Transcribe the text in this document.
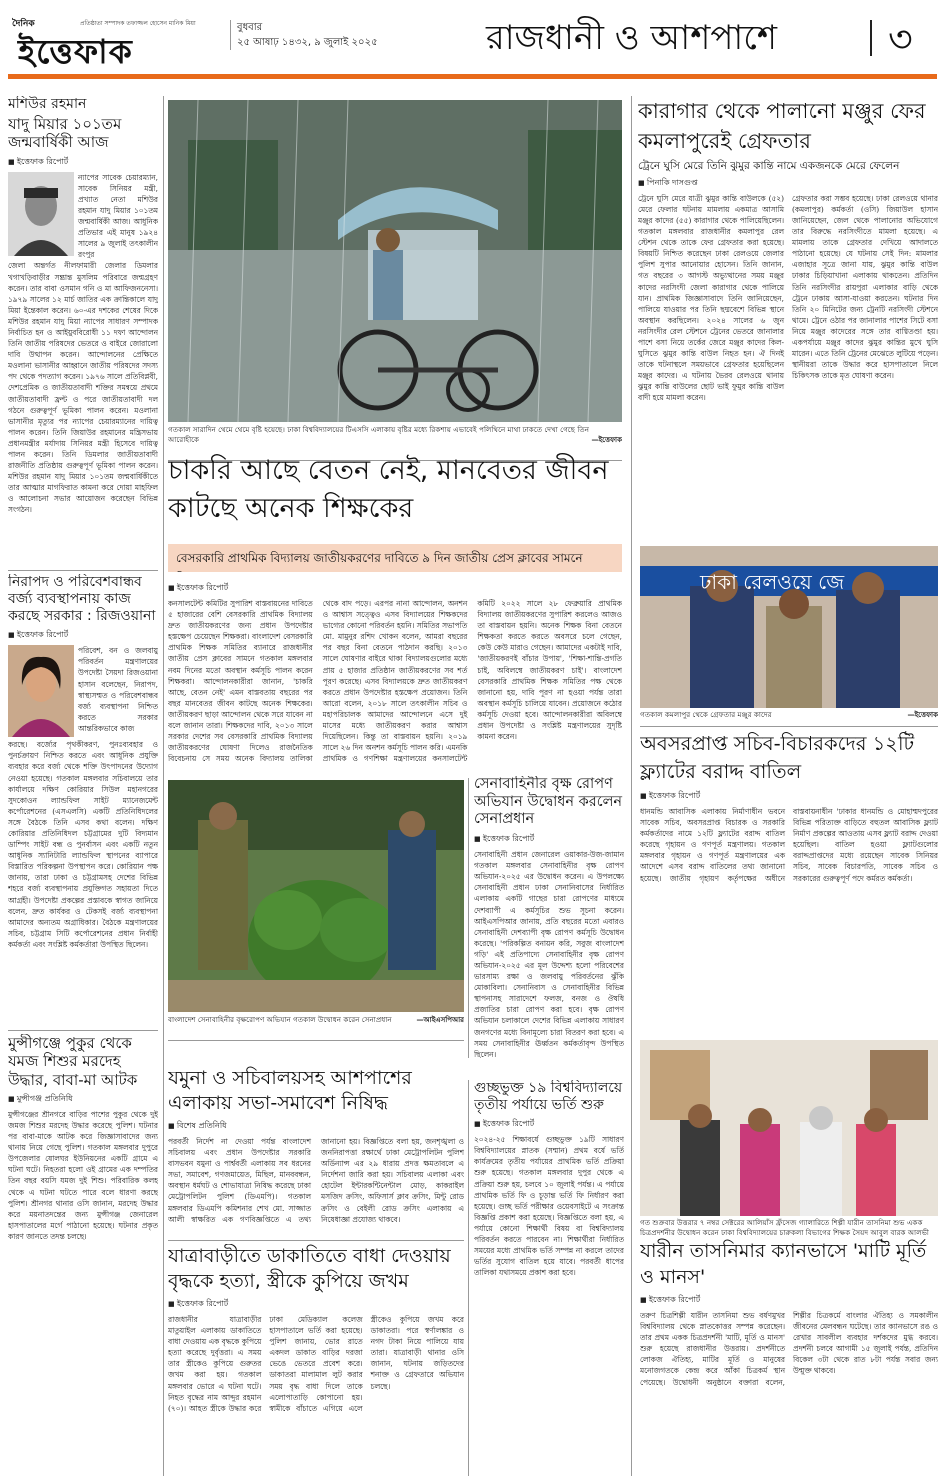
দৈনিক
ইত্তেফাক
প্রতিষ্ঠাতা সম্পাদক তফাজ্জল হোসেন মানিক মিয়া	বুধবার
২৫ আষাঢ় ১৪৩২, ৯ জুলাই ২০২৫	রাজধানী ও আশপাশে	৩
মশিউর রহমান
যাদু মিয়ার ১০১তম জন্মবার্ষিকী আজ
■ ইত্তেফাক রিপোর্ট
ন্যাপের সাবেক চেয়ারম্যান, সাবেক সিনিয়র মন্ত্রী, প্রখ্যাত নেতা মশিউর রহমান যাদু মিয়ার ১০১তম জন্মবার্ষিকী আজ। আধুনিক প্রতিভার এই মানুষ ১৯২৪ সালের ৯ জুলাই তৎকালীন রংপুর
জেলা অন্তর্গত নীলফামারী জেলার ডিমলার খগাখড়িবাড়ীর সম্ভ্রান্ত মুসলিম পরিবারে জন্মগ্রহণ করেন। তার বাবা ওসমান গনি ও মা আফিজননেসা। ১৯৭৯ সালের ১২ মার্চ জাতির এক ক্রান্তিকালে যাদু মিয়া ইন্তেকাল করেন। ৬০-এর দশকের শেষের দিকে মশিউর রহমান যাদু মিয়া ন্যাপের সাধারণ সম্পাদক নির্বাচিত হন ও আইয়ুববিরোধী ১১ দফা আন্দোলন তিনি জাতীয় পরিষদের ভেতরে ও বাইরে জোরালো দাবি উত্থাপন করেন। আন্দোলনের প্রেক্ষিতে মওলানা ভাসানীর আহ্বানে জাতীয় পরিষদের সদস্য পদ থেকে পদত্যাগ করেন। ১৯৭৬ সালে প্রতিবিপ্লবী, দেশপ্রেমিক ও জাতীয়তাবাদী শক্তির সমন্বয়ে প্রথমে জাতীয়তাবাদী ফ্রন্ট ও পরে জাতীয়তাবাদী দল গঠনে গুরুত্বপূর্ণ ভূমিকা পালন করেন। মওলানা ভাসানীর মৃত্যুর পর ন্যাপের চেয়ারম্যানের দায়িত্ব পালন করেন। তিনি জিয়াউর রহমানের মন্ত্রিসভায় প্রধানমন্ত্রীর মর্যাদায় সিনিয়র মন্ত্রী হিসেবে দায়িত্ব পালন করেন। তিনি ডিমলার জাতীয়তাবাদী রাজনীতি প্রতিষ্ঠায় গুরুত্বপূর্ণ ভূমিকা পালন করেন। মশিউর রহমান যাদু মিয়ার ১০১তম জন্মবার্ষিকীতে তার আত্মার মাগফিরাত কামনা করে দোয়া মাহফিল ও আলোচনা সভার আয়োজন করেছেন বিভিন্ন সংগঠন।
নিরাপদ ও পরিবেশবান্ধব বর্জ্য ব্যবস্থাপনায় কাজ করছে সরকার : রিজওয়ানা
■ ইত্তেফাক রিপোর্ট
পরিবেশ, বন ও জলবায়ু পরিবর্তন মন্ত্রণালয়ের উপদেষ্টা সৈয়দা রিজওয়ানা হাসান বলেছেন, নিরাপদ, স্বাস্থ্যসম্মত ও পরিবেশবান্ধব বর্জ্য ব্যবস্থাপনা নিশ্চিত করতে সরকার আন্তরিকভাবে কাজ
করছে। বর্জ্যের পৃথকীকরণ, পুনঃব্যবহার ও পুনর্চক্রায়ণ নিশ্চিত করতে এবং আধুনিক প্রযুক্তি ব্যবহার করে বর্জ্য থেকে শক্তি উৎপাদনের উদ্যোগ নেওয়া হয়েছে। গতকাল মঙ্গলবার সচিবালয়ে তার কার্যালয়ে দক্ষিণ কোরিয়ার সিউল মহানগরের সুদকোওন ল্যান্ডফিল সাইট ম্যানেজমেন্ট কর্পোরেশনের (এসএলসি) একটি প্রতিনিধিদলের সঙ্গে বৈঠকে তিনি এসব কথা বলেন। দক্ষিণ কোরিয়ার প্রতিনিধিদল চট্টগ্রামের দুটি বিদ্যমান ডাম্পিং সাইট বন্ধ ও পুনর্বাসন এবং একটি নতুন আধুনিক স্যানিটারি ল্যান্ডফিল স্থাপনের ব্যাপারে বিস্তারিত পরিকল্পনা উপস্থাপন করে। কোরিয়ান পক্ষ জানায়, তারা ঢাকা ও চট্টগ্রামসহ দেশের বিভিন্ন শহরে বর্জ্য ব্যবস্থাপনায় প্রযুক্তিগত সহায়তা দিতে আগ্রহী। উপদেষ্টা প্রকল্পের প্রস্তাবকে স্বাগত জানিয়ে বলেন, দ্রুত কার্যকর ও টেকসই বর্জ্য ব্যবস্থাপনা আমাদের অন্যতম অগ্রাধিকার। বৈঠকে মন্ত্রণালয়ের সচিব, চট্টগ্রাম সিটি কর্পোরেশনের প্রধান নির্বাহী কর্মকর্তা এবং সংশ্লিষ্ট কর্মকর্তারা উপস্থিত ছিলেন।
মুন্সীগঞ্জে পুকুর থেকে যমজ শিশুর মরদেহ উদ্ধার, বাবা-মা আটক
■ মুন্সীগঞ্জ প্রতিনিধি
মুন্সীগঞ্জের শ্রীনগরে বাড়ির পাশের পুকুর থেকে দুই জমজ শিশুর মরদেহ উদ্ধার করেছে পুলিশ। ঘটনার পর বাবা-মাকে আটক করে জিজ্ঞাসাবাদের জন্য থানায় নিয়ে গেছে পুলিশ। গতকাল মঙ্গলবার দুপুরে উপজেলার ষোলঘর ইউনিয়নের একটি গ্রামে এ ঘটনা ঘটে। নিহতরা হলো ওই গ্রামের এক দম্পতির তিন বছর বয়সি যমজ দুই শিশু। পরিবারিক কলহ থেকে এ ঘটনা ঘটতে পারে বলে ধারণা করছে পুলিশ। শ্রীনগর থানার ওসি জানান, মরদেহ উদ্ধার করে ময়নাতদন্তের জন্য মুন্সীগঞ্জ জেনারেল হাসপাতালের মর্গে পাঠানো হয়েছে। ঘটনার প্রকৃত কারণ জানতে তদন্ত চলছে।
গতকাল সারাদিন থেমে থেমে বৃষ্টি হয়েছে। ঢাকা বিশ্ববিদ্যালয়ের টিএসসি এলাকায় বৃষ্টির মধ্যে রিকশায় এভাবেই পলিথিনে মাথা ঢাকতে দেখা গেছে তিন আরোহীকে	—ইত্তেফাক
চাকরি আছে বেতন নেই, মানবেতর জীবন কাটছে অনেক শিক্ষকের
বেসরকারি প্রাথমিক বিদ্যালয় জাতীয়করণের দাবিতে ৯ দিন জাতীয় প্রেস ক্লাবের সামনে
■ ইত্তেফাক রিপোর্ট
কনসালটেন্ট কমিটির সুপারিশ বাস্তবায়নের দাবিতে ৫ হাজারের বেশি বেসরকারি প্রাথমিক বিদ্যালয় দ্রুত জাতীয়করণের জন্য প্রধান উপদেষ্টার হস্তক্ষেপ চেয়েছেন শিক্ষকরা। বাংলাদেশ বেসরকারি প্রাথমিক শিক্ষক সমিতির ব্যানারে রাজধানীর জাতীয় প্রেস ক্লাবের সামনে গতকাল মঙ্গলবার নবম দিনের মতো অবস্থান কর্মসূচি পালন করেন শিক্ষকরা। আন্দোলনকারীরা জানান, 'চাকরি আছে, বেতন নেই' এমন বাস্তবতায় বছরের পর বছর মানবেতর জীবন কাটছে অনেক শিক্ষকের। জাতীয়করণ ছাড়া আন্দোলন থেকে সরে যাবেন না বলে জানান তারা। শিক্ষকদের দাবি, ২০১৩ সালে সরকার দেশের সব বেসরকারি প্রাথমিক বিদ্যালয় জাতীয়করণের ঘোষণা দিলেও রাজনৈতিক বিবেচনায় সে সময় অনেক বিদ্যালয় তালিকা থেকে বাদ পড়ে। এরপর নানা আন্দোলন, অনশন ও আশ্বাস সত্ত্বেও এসব বিদ্যালয়ের শিক্ষকদের ভাগ্যের কোনো পরিবর্তন হয়নি। সমিতির সভাপতি মো. মামুনুর রশিদ খোকন বলেন, আমরা বছরের পর বছর বিনা বেতনে পাঠদান করছি। ২০১৩ সালে ঘোষণার বাইরে থাকা বিদ্যালয়গুলোর মধ্যে প্রায় ৫ হাজার প্রতিষ্ঠান জাতীয়করণের সব শর্ত পূরণ করেছে। এসব বিদ্যালয়কে দ্রুত জাতীয়করণ করতে প্রধান উপদেষ্টার হস্তক্ষেপ প্রয়োজন। তিনি আরো বলেন, ২০১৮ সালে তৎকালীন সচিব ও মহাপরিচালক আমাদের আন্দোলনে এসে দুই মাসের মধ্যে জাতীয়করণ করার আশ্বাস দিয়েছিলেন। কিন্তু তা বাস্তবায়ন হয়নি। ২০১৯ সালে ২৬ দিন অনশন কর্মসূচি পালন করি। এমনকি প্রাথমিক ও গণশিক্ষা মন্ত্রণালয়ের কনসালটেন্ট কমিটি ২০২২ সালে ২৮ ফেব্রুয়ারি প্রাথমিক বিদ্যালয় জাতীয়করণের সুপারিশ করলেও আজও তা বাস্তবায়ন হয়নি। অনেক শিক্ষক বিনা বেতনে শিক্ষকতা করতে করতে অবসরে চলে গেছেন, কেউ কেউ মারাও গেছেন। আমাদের একটাই দাবি, 'জাতীয়করণই বাঁচার উপায়', 'শিক্ষা-শান্তি-প্রগতি চাই, অবিলম্বে জাতীয়করণ চাই'। বাংলাদেশ বেসরকারি প্রাথমিক শিক্ষক সমিতির পক্ষ থেকে জানানো হয়, দাবি পূরণ না হওয়া পর্যন্ত তারা অবস্থান কর্মসূচি চালিয়ে যাবেন। প্রয়োজনে কঠোর কর্মসূচি দেওয়া হবে। আন্দোলনকারীরা অবিলম্বে প্রধান উপদেষ্টা ও সংশ্লিষ্ট মন্ত্রণালয়ের সুদৃষ্টি কামনা করেন।
বাংলাদেশ সেনাবাহিনীর বৃক্ষরোপণ অভিযান গতকাল উদ্বোধন করেন সেনাপ্রধান	—আইএসপিআর
সেনাবাহিনীর বৃক্ষ রোপণ অভিযান উদ্বোধন করলেন সেনাপ্রধান
■ ইত্তেফাক রিপোর্ট
সেনাবাহিনী প্রধান জেনারেল ওয়াকার-উজ-জামান গতকাল মঙ্গলবার সেনাবাহিনীর বৃক্ষ রোপণ অভিযান-২০২৫ এর উদ্বোধন করেন। এ উপলক্ষ্যে সেনাবাহিনী প্রধান ঢাকা সেনানিবাসের নির্ধারিত এলাকায় একটি গাছের চারা রোপণের মাধ্যমে দেশব্যাপী এ কর্মসূচির শুভ সূচনা করেন। আইএসপিআর জানায়, প্রতি বছরের মতো এবারও সেনাবাহিনী দেশব্যাপী বৃক্ষ রোপণ কর্মসূচি উদ্বোধন করেছে। 'পরিকল্পিত বনায়ন করি, সবুজ বাংলাদেশ গড়ি' এই প্রতিপাদ্যে সেনাবাহিনীর বৃক্ষ রোপণ অভিযান-২০২৫ এর মূল উদ্দেশ্য হলো পরিবেশের ভারসাম্য রক্ষা ও জলবায়ু পরিবর্তনের ঝুঁকি মোকাবিলা। সেনানিবাস ও সেনাবাহিনীর বিভিন্ন স্থাপনাসহ সারাদেশে ফলজ, বনজ ও ঔষধি প্রজাতির চারা রোপণ করা হবে। বৃক্ষ রোপণ অভিযান চলাকালে দেশের বিভিন্ন এলাকায় সাধারণ জনগণের মধ্যে বিনামূল্যে চারা বিতরণ করা হবে। এ সময় সেনাবাহিনীর ঊর্ধ্বতন কর্মকর্তাবৃন্দ উপস্থিত ছিলেন।
যমুনা ও সচিবালয়সহ আশপাশের এলাকায় সভা-সমাবেশ নিষিদ্ধ
■ বিশেষ প্রতিনিধি
পরবর্তী নির্দেশ না দেওয়া পর্যন্ত বাংলাদেশ সচিবালয় এবং প্রধান উপদেষ্টার সরকারি বাসভবন যমুনা ও পার্শ্ববর্তী এলাকায় সব ধরনের সভা, সমাবেশ, গণজমায়েত, মিছিল, মানববন্ধন, অবস্থান ধর্মঘট ও শোভাযাত্রা নিষিদ্ধ করেছে ঢাকা মেট্রোপলিটন পুলিশ (ডিএমপি)। গতকাল মঙ্গলবার ডিএমপি কমিশনার শেখ মো. সাজ্জাত আলী স্বাক্ষরিত এক গণবিজ্ঞপ্তিতে এ তথ্য জানানো হয়। বিজ্ঞপ্তিতে বলা হয়, জনশৃঙ্খলা ও জননিরাপত্তা রক্ষার্থে ঢাকা মেট্রোপলিটন পুলিশ অর্ডিন্যান্স এর ২৯ ধারায় প্রদত্ত ক্ষমতাবলে এ নির্দেশনা জারি করা হয়। সচিবালয় এলাকা এবং হোটেল ইন্টারকন্টিনেন্টাল মোড়, কাকরাইল মসজিদ ক্রসিং, অফিসার্স ক্লাব ক্রসিং, মিন্টু রোড ক্রসিং ও বেইলী রোড ক্রসিং এলাকায় এ নিষেধাজ্ঞা প্রযোজ্য থাকবে।
গুচ্ছভুক্ত ১৯ বিশ্ববিদ্যালয়ে তৃতীয় পর্যায়ে ভর্তি শুরু
■ ইত্তেফাক রিপোর্ট
২০২৪-২৫ শিক্ষাবর্ষে গুচ্ছভুক্ত ১৯টি সাধারণ বিশ্ববিদ্যালয়ের স্নাতক (সম্মান) প্রথম বর্ষে ভর্তি কার্যক্রমের তৃতীয় পর্যায়ের প্রাথমিক ভর্তি প্রক্রিয়া শুরু হয়েছে। গতকাল মঙ্গলবার দুপুর থেকে এ প্রক্রিয়া শুরু হয়, চলবে ১০ জুলাই পর্যন্ত। এ পর্যায়ে প্রাথমিক ভর্তি ফি ও চূড়ান্ত ভর্তি ফি নির্ধারণ করা হয়েছে। গুচ্ছ ভর্তি পরীক্ষার ওয়েবসাইটে এ সংক্রান্ত বিজ্ঞপ্তি প্রকাশ করা হয়েছে। বিজ্ঞপ্তিতে বলা হয়, এ পর্যায়ে কোনো শিক্ষার্থী বিষয় বা বিশ্ববিদ্যালয় পরিবর্তন করতে পারবেন না। শিক্ষার্থীরা নির্ধারিত সময়ের মধ্যে প্রাথমিক ভর্তি সম্পন্ন না করলে তাদের ভর্তির সুযোগ বাতিল হয়ে যাবে। পরবর্তী ধাপের তালিকা যথাসময়ে প্রকাশ করা হবে।
যাত্রাবাড়ীতে ডাকাতিতে বাধা দেওয়ায় বৃদ্ধকে হত্যা, স্ত্রীকে কুপিয়ে জখম
■ ইত্তেফাক রিপোর্ট
রাজধানীর যাত্রাবাড়ীর মাতুয়াইল এলাকায় ডাকাতিতে বাধা দেওয়ায় এক বৃদ্ধকে কুপিয়ে হত্যা করেছে দুর্বৃত্তরা। এ সময় তার স্ত্রীকেও কুপিয়ে গুরুতর জখম করা হয়। গতকাল মঙ্গলবার ভোরে এ ঘটনা ঘটে। নিহত বৃদ্ধের নাম আব্দুর রহমান (৭০)। আহত স্ত্রীকে উদ্ধার করে ঢাকা মেডিক্যাল কলেজ হাসপাতালে ভর্তি করা হয়েছে। পুলিশ জানায়, ভোর রাতে একদল ডাকাত বাড়ির দরজা ভেঙে ভেতরে প্রবেশ করে। ডাকাতরা মালামাল লুট করার সময় বৃদ্ধ বাধা দিলে তাকে এলোপাতাড়ি কোপানো হয়। স্বামীকে বাঁচাতে এগিয়ে এলে স্ত্রীকেও কুপিয়ে জখম করে ডাকাতরা। পরে স্বর্ণালঙ্কার ও নগদ টাকা নিয়ে পালিয়ে যায় তারা। যাত্রাবাড়ী থানার ওসি জানান, ঘটনায় জড়িতদের শনাক্ত ও গ্রেফতারে অভিযান চলছে।
কারাগার থেকে পালানো মঞ্জুর ফের কমলাপুরেই গ্রেফতার
ট্রেনে ঘুসি মেরে তিনি ঝুমুর কান্তি নামে একজনকে মেরে ফেলেন
■ পিনাকি দাসগুপ্ত
ট্রেনে ঘুসি মেরে যাত্রী ঝুমুর কান্তি বাউলকে (৫২) মেরে ফেলার ঘটনায় মামলায় একমাত্র আসামি মঞ্জুর কাদের (৫৫) কারাগার থেকে পালিয়েছিলেন। গতকাল মঙ্গলবার রাজধানীর কমলাপুর রেল স্টেশন থেকে তাকে ফের গ্রেফতার করা হয়েছে। বিষয়টি নিশ্চিত করেছেন ঢাকা রেলওয়ে জেলার পুলিশ সুপার আনোয়ার হোসেন। তিনি জানান, গত বছরের ৩ আগস্ট অভ্যুত্থানের সময় মঞ্জুর কাদের নরসিংদী জেলা কারাগার থেকে পালিয়ে যান। প্রাথমিক জিজ্ঞাসাবাদে তিনি জানিয়েছেন, পালিয়ে যাওয়ার পর তিনি ছদ্মবেশে বিভিন্ন স্থানে অবস্থান করছিলেন। ২০২৪ সালের ৬ জুন নরসিংদীর রেল স্টেশনে ট্রেনের ভেতরে জানালার পাশে বসা নিয়ে তর্কের জেরে মঞ্জুর কাদের কিল-ঘুসিতে ঝুমুর কান্তি বাউল নিহত হন। ঐ দিনই তাকে ঘটনাস্থলে সময়ভাবে গ্রেফতার হয়েছিলেন মঞ্জুর কাদের। এ ঘটনায় ভৈরব রেলওয়ে থানায় ঝুমুর কান্তি বাউলের ছোট ভাই ফুমুর কান্তি বাউল বাদী হয়ে মামলা করেন।
গ্রেফতার করা সম্ভব হয়েছে। ঢাকা রেলওয়ে থানার (কমলাপুর) কর্মকর্তা (ওসি) জিয়াউল হাসান জানিয়েছেন, জেল থেকে পালানোর অভিযোগে তার বিরুদ্ধে নরসিংদীতে মামলা হয়েছে। এ মামলায় তাকে গ্রেফতার দেখিয়ে আদালতে পাঠানো হয়েছে। যে ঘটনায় সেই দিন: মামলার এজাহার সূত্রে জানা যায়, ঝুমুর কান্তি বাউল ঢাকার চিড়িয়াখানা এলাকায় থাকতেন। প্রতিদিন তিনি নরসিংদীর রায়পুরা এলাকার বাড়ি থেকে ট্রেনে ঢাকায় আসা-যাওয়া করতেন। ঘটনার দিন তিনি ২০ মিনিটের জন্য ট্রেনটি নরসিংদী স্টেশনে থামে। ট্রেনে ওঠার পর জানালার পাশের সিটে বসা নিয়ে মঞ্জুর কাদেরের সঙ্গে তার বাগ্বিতণ্ডা হয়। একপর্যায়ে মঞ্জুর কাদের ঝুমুর কান্তির মুখে ঘুসি মারেন। এতে তিনি ট্রেনের মেঝেতে লুটিয়ে পড়েন। স্থানীয়রা তাকে উদ্ধার করে হাসপাতালে নিলে চিকিৎসক তাকে মৃত ঘোষণা করেন।
ঢাকা রেলওয়ে জে
গতকাল কমলাপুর থেকে গ্রেফতার মঞ্জুর কাদের	—ইত্তেফাক
অবসরপ্রাপ্ত সচিব-বিচারকদের ১২টি ফ্ল্যাটের বরাদ্দ বাতিল
■ ইত্তেফাক রিপোর্ট
ধানমন্ডি আবাসিক এলাকায় নির্মাণাধীন ভবনে সাবেক সচিব, অবসরপ্রাপ্ত বিচারক ও সরকারি কর্মকর্তাদের নামে ১২টি ফ্ল্যাটের বরাদ্দ বাতিল করেছে গৃহায়ন ও গণপূর্ত মন্ত্রণালয়। গতকাল মঙ্গলবার গৃহায়ন ও গণপূর্ত মন্ত্রণালয়ের এক আদেশে এসব বরাদ্দ বাতিলের তথ্য জানানো হয়েছে। জাতীয় গৃহায়ণ কর্তৃপক্ষের অধীনে বাস্তবায়নাধীন 'ঢাকার ধানমন্ডি ও মোহাম্মদপুরের বিভিন্ন পরিত্যক্ত বাড়িতে বহুতল আবাসিক ফ্ল্যাট নির্মাণ প্রকল্পের আওতায় এসব ফ্ল্যাট বরাদ্দ দেওয়া হয়েছিল। বাতিল হওয়া ফ্ল্যাটগুলোর বরাদ্দপ্রাপ্তদের মধ্যে রয়েছেন সাবেক সিনিয়র সচিব, সাবেক বিচারপতি, সাবেক সচিব ও সরকারের গুরুত্বপূর্ণ পদে কর্মরত কর্মকর্তা।
গত শুক্রবার উত্তরার ৭ নম্বর সেক্টরের আলিয়াঁস ফ্রঁসেজ গ্যালারিতে শিল্পী যারীন তাসনিমা শুভ একক চিত্রপ্রদর্শনীর উদ্বোধন করেন ঢাকা বিশ্ববিদ্যালয়ের চারুকলা বিভাগের শিক্ষক সৈয়দ আবুল বারক আলভী
যারীন তাসনিমার ক্যানভাসে 'মাটি মূর্তি ও মানস'
■ ইত্তেফাক রিপোর্ট
তরুণ চিত্রশিল্পী যারীন তাসনিমা শুভ বর্ষণমুখর বিশ্ববিদ্যালয় থেকে স্নাতকোত্তর সম্পন্ন করেছেন। তার প্রথম একক চিত্রপ্রদর্শনী 'মাটি, মূর্তি ও মানস' শুরু হয়েছে রাজধানীর উত্তরায়। প্রদর্শনীতে লোকজ ঐতিহ্য, মাটির মূর্তি ও মানুষের মনোজগতকে কেন্দ্র করে আঁকা চিত্রকর্ম স্থান পেয়েছে। উদ্বোধনী অনুষ্ঠানে বক্তারা বলেন, শিল্পীর চিত্রকর্মে বাংলার ঐতিহ্য ও সমকালীন জীবনের মেলবন্ধন ঘটেছে। তার ক্যানভাসে রঙ ও রেখার সাবলীল ব্যবহার দর্শকদের মুগ্ধ করবে। প্রদর্শনী চলবে আগামী ১৫ জুলাই পর্যন্ত, প্রতিদিন বিকেল ৩টা থেকে রাত ৮টা পর্যন্ত সবার জন্য উন্মুক্ত থাকবে।
